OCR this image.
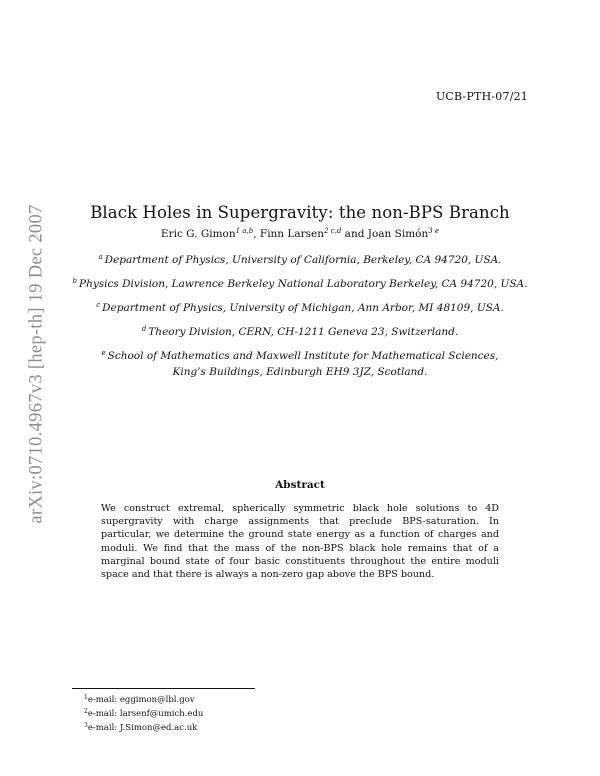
UCB-PTH-07/21
arXiv:0710.4967v3 [hep-th] 19 Dec 2007	Black Holes in Supergravity: the non-BPS Branch
Eric G. Gimon$^{1 a,b}$, Finn Larsen$^{2 c,d}$ and Joan Simón$^{3 e}$
$^a$ Department of Physics, University of California, Berkeley, CA 94720, USA.
$^b$ Physics Division, Lawrence Berkeley National Laboratory Berkeley, CA 94720, USA.
$^c$ Department of Physics, University of Michigan, Ann Arbor, MI 48109, USA.
$^d$ Theory Division, CERN, CH-1211 Geneva 23, Switzerland.
$^e$ School of Mathematics and Maxwell Institute for Mathematical Sciences,
King’s Buildings, Edinburgh EH9 3JZ, Scotland.
Abstract
We construct extremal, spherically symmetric black hole solutions to 4D supergravity with charge assignments that preclude BPS-saturation. In particular, we determine the ground state energy as a function of charges and moduli. We find that the mass of the non-BPS black hole remains that of a marginal bound state of four basic constituents throughout the entire moduli space and that there is always a non-zero gap above the BPS bound.
$^1$e-mail: eggimon@lbl.gov
$^2$e-mail: larsenf@umich.edu
$^3$e-mail: J.Simon@ed.ac.uk
